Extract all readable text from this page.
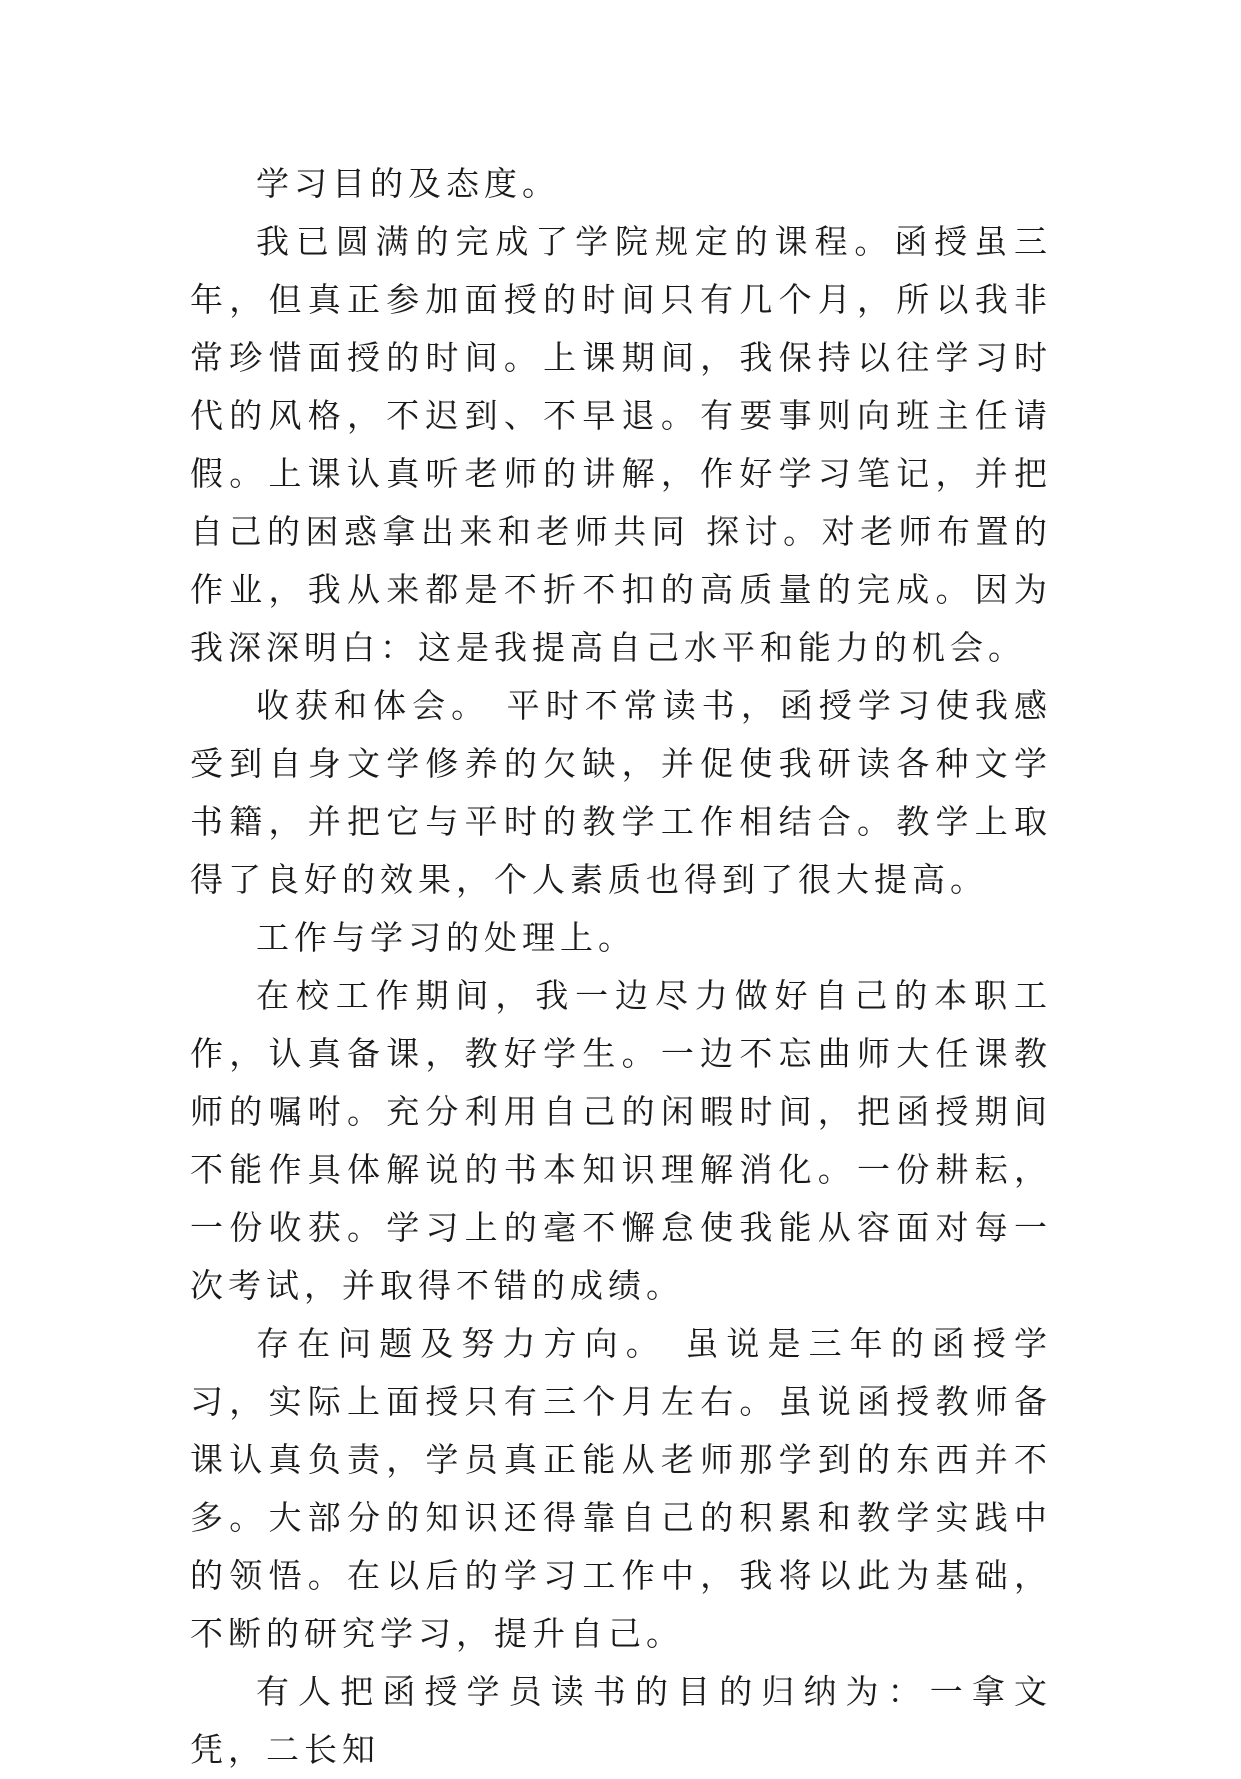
学习目的及态度。

我已圆满的完成了学院规定的课程。函授虽三年，但真正参加面授的时间只有几个月，所以我非常珍惜面授的时间。上课期间，我保持以往学习时代的风格，不迟到、不早退。有要事则向班主任请假。上课认真听老师的讲解，作好学习笔记，并把自己的困惑拿出来和老师共同 探讨。对老师布置的作业，我从来都是不折不扣的高质量的完成。因为我深深明白：这是我提高自己水平和能力的机会。

收获和体会。 平时不常读书，函授学习使我感受到自身文学修养的欠缺，并促使我研读各种文学书籍，并把它与平时的教学工作相结合。教学上取得了良好的效果，个人素质也得到了很大提高。

工作与学习的处理上。

在校工作期间，我一边尽力做好自己的本职工作，认真备课，教好学生。一边不忘曲师大任课教师的嘱咐。充分利用自己的闲暇时间，把函授期间不能作具体解说的书本知识理解消化。一份耕耘，一份收获。学习上的毫不懈怠使我能从容面对每一次考试，并取得不错的成绩。

存在问题及努力方向。 虽说是三年的函授学习，实际上面授只有三个月左右。虽说函授教师备课认真负责，学员真正能从老师那学到的东西并不多。大部分的知识还得靠自己的积累和教学实践中的领悟。在以后的学习工作中，我将以此为基础，不断的研究学习，提升自己。

有人把函授学员读书的目的归纳为：一拿文凭，二长知
